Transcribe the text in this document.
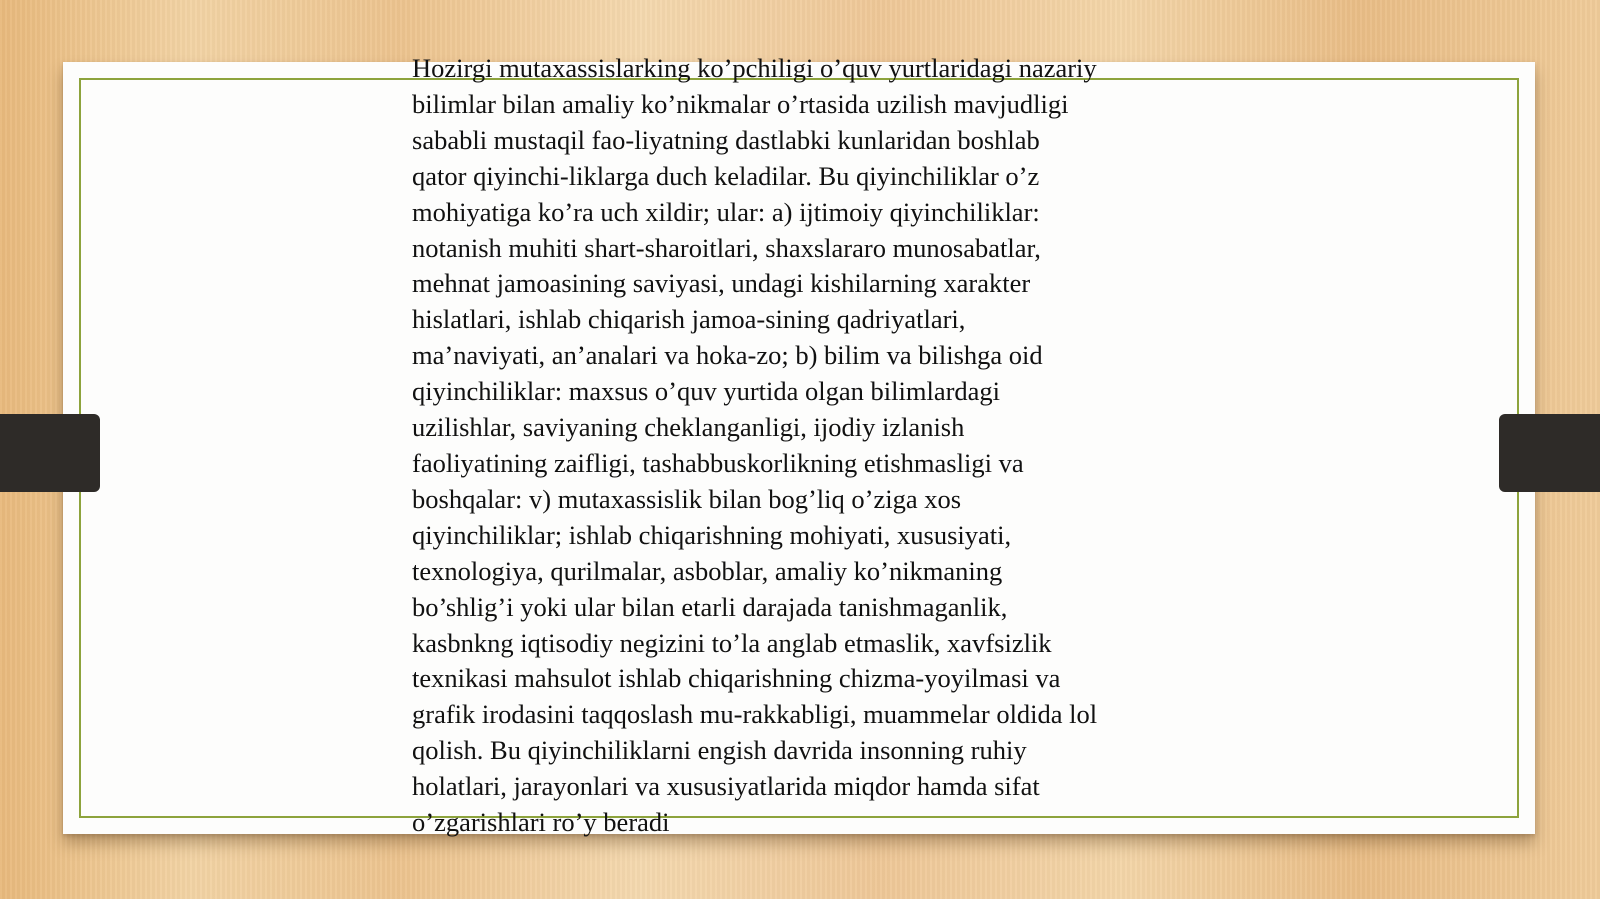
Hozirgi mutaxassislarking ko’pchiligi o’quv yurtlaridagi nazariy
bilimlar bilan amaliy ko’nikmalar o’rtasida uzilish mavjudligi
sababli mustaqil fao-liyatning dastlabki kunlaridan boshlab
qator qiyinchi-liklarga duch keladilar. Bu qiyinchiliklar o’z
mohiyatiga ko’ra uch xildir; ular: a) ijtimoiy qiyinchiliklar:
notanish muhiti shart-sharoitlari, shaxslararo munosabatlar,
mehnat jamoasining saviyasi, undagi kishilarning xarakter
hislatlari, ishlab chiqarish jamoa-sining qadriyatlari,
ma’naviyati, an’analari va hoka-zo; b) bilim va bilishga oid
qiyinchiliklar: maxsus o’quv yurtida olgan bilimlardagi
uzilishlar, saviyaning cheklanganligi, ijodiy izlanish
faoliyatining zaifligi, tashabbuskorlikning etishmasligi va
boshqalar: v) mutaxassislik bilan bog’liq o’ziga xos
qiyinchiliklar; ishlab chiqarishning mohiyati, xususiyati,
texnologiya, qurilmalar, asboblar, amaliy ko’nikmaning
bo’shlig’i yoki ular bilan etarli darajada tanishmaganlik,
kasbnkng iqtisodiy negizini to’la anglab etmaslik, xavfsizlik
texnikasi mahsulot ishlab chiqarishning chizma-yoyilmasi va
grafik irodasini taqqoslash mu-rakkabligi, muammelar oldida lol
qolish. Bu qiyinchiliklarni engish davrida insonning ruhiy
holatlari, jarayonlari va xususiyatlarida miqdor hamda sifat
o’zgarishlari ro’y beradi
